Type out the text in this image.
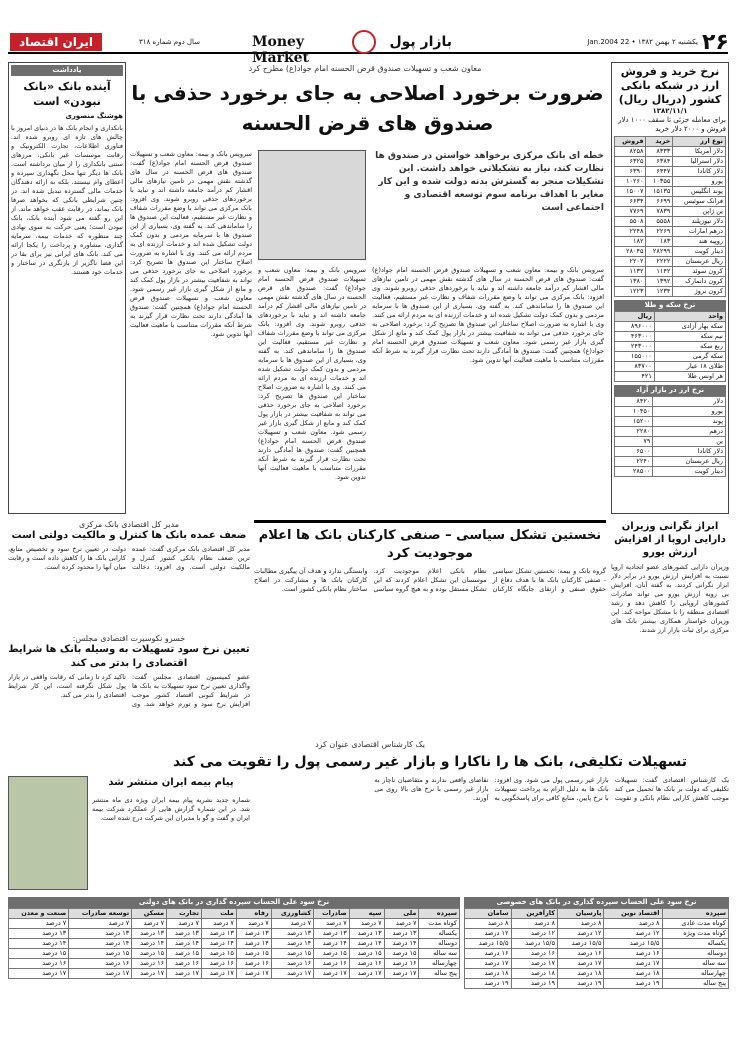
۲۶
یکشنبه ۲ بهمن ۱۳۸۲ • 22 Jan.2004
بازار پول
Money Market
سال دوم شماره ۳۱۸
ایران اقتصاد
نرخ خرید و فروش ارز در شبکه بانکی کشور (دریال ریال)
۱۳۸۲/۱۱/۱
برای معامله جزئی تا سقف ۱۰۰۰ دلار فروش و ۲۰۰۰ دلار خرید
نوع ارز	خرید	فروش
دلار آمریکا	۸۳۳۳	۸۲۵۸
دلار استرالیا	۶۳۸۴	۶۳۲۵
دلار کانادا	۶۴۴۷	۶۳۹۰
یورو	۱۰۳۵۵	۱۰۲۶۰
پوند انگلیس	۱۵۱۳۵	۱۵۰۰۷
فرانک سوئیس	۶۶۹۹	۶۶۳۴
ین ژاپن	۷۸۳۹	۷۷۶۹
دلار نیوزیلند	۵۵۵۸	۵۵۰۸
درهم امارات	۲۲۶۹	۲۲۴۸
روپیه هند	۱۸۳	۱۸۲
دینار کویت	۲۸۲۹۹	۲۸۰۴۵
ریال عربستان	۲۲۲۲	۲۲۰۲
کرون سوئد	۱۱۴۲	۱۱۳۲
کرون دانمارک	۱۳۹۲	۱۳۸۰
کرون نروژ	۱۲۳۴	۱۲۲۳
نرخ سکه و طلا
واحد	ریال
سکه بهار آزادی	۸۹۶۰۰۰
نیم سکه	۴۶۳۰۰۰
ربع سکه	۲۴۳۰۰۰
سکه گرمی	۱۵۵۰۰۰
طلای ۱۸ عیار	۸۳۷۰۰
هر اونس طلا	۴۲۱
نرخ ارز در بازار آزاد
دلار	۸۴۲۰
یورو	۱۰۴۵۰
پوند	۱۵۲۰۰
درهم	۲۲۸۰
ین	۷۹
دلار کانادا	۶۵۰۰
ریال عربستان	۲۲۴۰
دینار کویت	۲۸۵۰۰
معاون شعب و تسهیلات صندوق قرض الحسنه امام جواد(ع) مطرح کرد
ضرورت برخورد اصلاحی به جای برخورد حذفی با صندوق های قرض الحسنه
خطه ای بانک مرکزی برخواهد خواستن در صندوق ها نظارت کند، نیاز به تشکیلاتی خواهد داشت. این تشکیلات منجر به گسترش بدنه دولت شده و این کار مغایر با اهداف برنامه سوم توسعه اقتصادی و اجتماعی است
سرویس بانک و بیمه: معاون شعب و تسهیلات صندوق قرض الحسنه امام جواد(ع) گفت: صندوق های قرض الحسنه در سال های گذشته نقش مهمی در تامین نیازهای مالی اقشار کم درآمد جامعه داشته اند و نباید با برخوردهای حذفی روبرو شوند. وی افزود: بانک مرکزی می تواند با وضع مقررات شفاف و نظارت غیر مستقیم، فعالیت این صندوق ها را ساماندهی کند. به گفته وی، بسیاری از این صندوق ها با سرمایه مردمی و بدون کمک دولت تشکیل شده اند و خدمات ارزنده ای به مردم ارائه می کنند. وی با اشاره به ضرورت اصلاح ساختار این صندوق ها تصریح کرد: برخورد اصلاحی به جای برخورد حذفی می تواند به شفافیت بیشتر در بازار پول کمک کند و مانع از شکل گیری بازار غیر رسمی شود. معاون شعب و تسهیلات صندوق قرض الحسنه امام جواد(ع) همچنین گفت: صندوق ها آمادگی دارند تحت نظارت قرار گیرند به شرط آنکه مقررات متناسب با ماهیت فعالیت آنها تدوین شود.
سرویس بانک و بیمه: معاون شعب و تسهیلات صندوق قرض الحسنه امام جواد(ع) گفت: صندوق های قرض الحسنه در سال های گذشته نقش مهمی در تامین نیازهای مالی اقشار کم درآمد جامعه داشته اند و نباید با برخوردهای حذفی روبرو شوند. وی افزود: بانک مرکزی می تواند با وضع مقررات شفاف و نظارت غیر مستقیم، فعالیت این صندوق ها را ساماندهی کند. به گفته وی، بسیاری از این صندوق ها با سرمایه مردمی و بدون کمک دولت تشکیل شده اند و خدمات ارزنده ای به مردم ارائه می کنند. وی با اشاره به ضرورت اصلاح ساختار این صندوق ها تصریح کرد: برخورد اصلاحی به جای برخورد حذفی می تواند به شفافیت بیشتر در بازار پول کمک کند و مانع از شکل گیری بازار غیر رسمی شود. معاون شعب و تسهیلات صندوق قرض الحسنه امام جواد(ع) همچنین گفت: صندوق ها آمادگی دارند تحت نظارت قرار گیرند به شرط آنکه مقررات متناسب با ماهیت فعالیت آنها تدوین شود.
سرویس بانک و بیمه: معاون شعب و تسهیلات صندوق قرض الحسنه امام جواد(ع) گفت: صندوق های قرض الحسنه در سال های گذشته نقش مهمی در تامین نیازهای مالی اقشار کم درآمد جامعه داشته اند و نباید با برخوردهای حذفی روبرو شوند. وی افزود: بانک مرکزی می تواند با وضع مقررات شفاف و نظارت غیر مستقیم، فعالیت این صندوق ها را ساماندهی کند. به گفته وی، بسیاری از این صندوق ها با سرمایه مردمی و بدون کمک دولت تشکیل شده اند و خدمات ارزنده ای به مردم ارائه می کنند. وی با اشاره به ضرورت اصلاح ساختار این صندوق ها تصریح کرد: برخورد اصلاحی به جای برخورد حذفی می تواند به شفافیت بیشتر در بازار پول کمک کند و مانع از شکل گیری بازار غیر رسمی شود. معاون شعب و تسهیلات صندوق قرض الحسنه امام جواد(ع) همچنین گفت: صندوق ها آمادگی دارند تحت نظارت قرار گیرند به شرط آنکه مقررات متناسب با ماهیت فعالیت آنها تدوین شود.
یادداشت
آینده بانک «بانک نبودن» است
هوشنگ منصوری
بانکداری و انجام بانک ها در دنیای امروز با چالش های تازه ای روبرو شده اند. فناوری اطلاعات، تجارت الکترونیک و رقابت موسسات غیر بانکی، مرزهای سنتی بانکداری را از میان برداشته است. بانک ها دیگر تنها محل نگهداری سپرده و اعطای وام نیستند، بلکه به ارائه دهندگان خدمات مالی گسترده تبدیل شده اند. در چنین شرایطی بانکی که بخواهد صرفا بانک بماند، در رقابت عقب خواهد ماند. از این رو گفته می شود آینده بانک، بانک نبودن است؛ یعنی حرکت به سوی نهادی چند منظوره که خدمات بیمه، سرمایه گذاری، مشاوره و پرداخت را یکجا ارائه می کند. بانک های ایرانی نیز برای بقا در این فضا ناگزیر از بازنگری در ساختار و خدمات خود هستند.
ابراز نگرانی وزیران دارایی اروپا از افزایش ارزش یورو
وزیران دارایی کشورهای عضو اتحادیه اروپا نسبت به افزایش ارزش یورو در برابر دلار ابراز نگرانی کردند. به گفته آنان، افزایش بی رویه ارزش یورو می تواند صادرات کشورهای اروپایی را کاهش دهد و رشد اقتصادی منطقه را با مشکل مواجه کند. این وزیران خواستار همکاری بیشتر بانک های مرکزی برای ثبات بازار ارز شدند.
نخستین تشکل سیاسی – صنفی کارکنان بانک ها اعلام موجودیت کرد
گروه بانک و بیمه: نخستین تشکل سیاسی - صنفی کارکنان بانک ها با هدف دفاع از حقوق صنفی و ارتقای جایگاه کارکنان نظام بانکی اعلام موجودیت کرد. موسسان این تشکل اعلام کردند که این تشکل مستقل بوده و به هیچ گروه سیاسی وابستگی ندارد و هدف آن پیگیری مطالبات کارکنان بانک ها و مشارکت در اصلاح ساختار نظام بانکی کشور است.
مدیر کل اقتصادی بانک مرکزی
ضعف عمده بانک ها کنترل و مالکیت دولتی است
مدیر کل اقتصادی بانک مرکزی گفت: عمده ترین ضعف نظام بانکی کشور کنترل و مالکیت دولتی است. وی افزود: دخالت دولت در تعیین نرخ سود و تخصیص منابع، کارایی بانک ها را کاهش داده است و رقابت میان آنها را محدود کرده است.
خسرو نکوسیرت اقتصادی مجلس:
تعیین نرخ سود تسهیلات به وسیله بانک ها شرایط اقتصادی را بدتر می کند
عضو کمیسیون اقتصادی مجلس گفت: واگذاری تعیین نرخ سود تسهیلات به بانک ها در شرایط کنونی اقتصاد کشور موجب افزایش نرخ سود و تورم خواهد شد. وی تاکید کرد تا زمانی که رقابت واقعی در بازار پول شکل نگرفته است، این کار شرایط اقتصادی را بدتر می کند.
یک کارشناس اقتصادی عنوان کرد
تسهیلات تکلیفی، بانک ها را ناکارا و بازار غیر رسمی پول را تقویت می کند
یک کارشناس اقتصادی گفت: تسهیلات تکلیفی که دولت بر بانک ها تحمیل می کند موجب کاهش کارایی نظام بانکی و تقویت بازار غیر رسمی پول می شود. وی افزود: بانک ها به دلیل الزام به پرداخت تسهیلات با نرخ پایین، منابع کافی برای پاسخگویی به تقاضای واقعی ندارند و متقاضیان ناچار به بازار غیر رسمی با نرخ های بالا روی می آورند.
پیام بیمه ایران منتشر شد
شماره جدید نشریه پیام بیمه ایران ویژه دی ماه منتشر شد. در این شماره گزارش هایی از عملکرد شرکت بیمه ایران و گفت و گو با مدیران این شرکت درج شده است.
نرخ سود علی الحساب سپرده گذاری در بانک های دولتی
سپرده	ملی	سپه	صادرات	کشاورزی	رفاه	ملت	تجارت	مسکن	توسعه صادرات	صنعت و معدن
کوتاه مدت	۷ درصد	۷ درصد	۷ درصد	۷ درصد	۷ درصد	۷ درصد	۷ درصد	۷ درصد	۷ درصد	۷ درصد
یکساله	۱۳ درصد	۱۳ درصد	۱۳ درصد	۱۳ درصد	۱۳ درصد	۱۳ درصد	۱۳ درصد	۱۳ درصد	۱۳ درصد	۱۳ درصد
دوساله	۱۴ درصد	۱۴ درصد	۱۴ درصد	۱۴ درصد	۱۴ درصد	۱۴ درصد	۱۴ درصد	۱۴ درصد	۱۴ درصد	۱۴ درصد
سه ساله	۱۵ درصد	۱۵ درصد	۱۵ درصد	۱۵ درصد	۱۵ درصد	۱۵ درصد	۱۵ درصد	۱۵ درصد	۱۵ درصد	۱۵ درصد
چهارساله	۱۶ درصد	۱۶ درصد	۱۶ درصد	۱۶ درصد	۱۶ درصد	۱۶ درصد	۱۶ درصد	۱۶ درصد	۱۶ درصد	۱۶ درصد
پنج ساله	۱۷ درصد	۱۷ درصد	۱۷ درصد	۱۷ درصد	۱۷ درصد	۱۷ درصد	۱۷ درصد	۱۷ درصد	۱۷ درصد	۱۷ درصد
نرخ سود علی الحساب سپرده گذاری در بانک های خصوصی
سپرده	اقتصاد نوین	پارسیان	کارآفرین	سامان
کوتاه مدت عادی	۸ درصد	۸ درصد	۸ درصد	۸ درصد
کوتاه مدت ویژه	۱۲ درصد	۱۲ درصد	۱۲ درصد	۱۲ درصد
یکساله	۱۵/۵ درصد	۱۵/۵ درصد	۱۵/۵ درصد	۱۵/۵ درصد
دوساله	۱۶ درصد	۱۶ درصد	۱۶ درصد	۱۶ درصد
سه ساله	۱۷ درصد	۱۷ درصد	۱۷ درصد	۱۷ درصد
چهارساله	۱۸ درصد	۱۸ درصد	۱۸ درصد	۱۸ درصد
پنج ساله	۱۹ درصد	۱۹ درصد	۱۹ درصد	۱۹ درصد
